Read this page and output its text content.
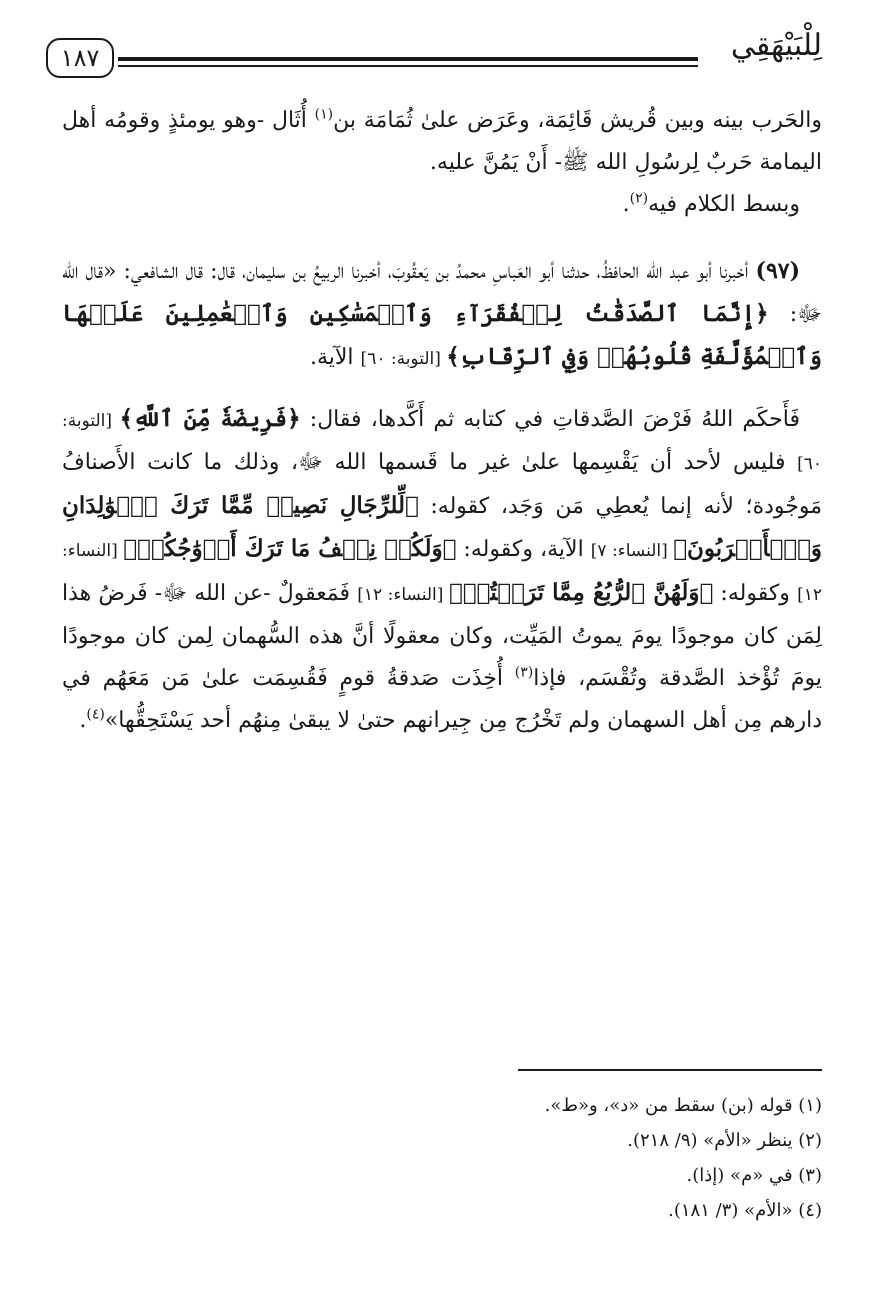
١٨٧	لِلْبَيْهَقِي

والحَرب بينه وبين قُريش قَائِمَة، وعَرَض علىٰ ثُمَامَة بن$^{(١)}$ أُثَال -وهو يومئذٍ وقومُه أهل اليمامة حَربٌ لِرسُولِ الله ﷺ- أَنْ يَمُنَّ عليه.

وبسط الكلام فيه$^{(٢)}$.

(٩٧) أخبرنا أبو عبد الله الحافظُ، حدثنا أبو العَباسِ محمدُ بن يَعقُوبَ، أخبرنا الربيعُ بن سليمان، قال: قال الشافعي: «قال الله ﷻ: ﴿إِنَّمَا ٱلصَّدَقَٰتُ لِلۡفُقَرَآءِ وَٱلۡمَسَٰكِينِ وَٱلۡعَٰمِلِينَ عَلَيۡهَا وَٱلۡمُؤَلَّفَةِ قُلُوبُهُمۡ وَفِي ٱلرِّقَابِ﴾ [التوبة: ٦٠] الآية.

فَأَحكَم اللهُ فَرْضَ الصَّدقاتِ في كتابه ثم أَكَّدها، فقال: ﴿فَرِيضَةٗ مِّنَ ٱللَّهِ﴾ [التوبة: ٦٠] فليس لأحد أن يَقْسِمها علىٰ غير ما قَسمها الله ﷻ، وذلك ما كانت الأَصنافُ مَوجُودة؛ لأنه إنما يُعطِي مَن وَجَد، كقوله: ﴿لِّلرِّجَالِ نَصِيبٞ مِّمَّا تَرَكَ ٱلۡوَٰلِدَانِ وَٱلۡأَقۡرَبُونَ﴾ [النساء: ٧] الآية، وكقوله: ﴿وَلَكُمۡ نِصۡفُ مَا تَرَكَ أَزۡوَٰجُكُمۡ﴾ [النساء: ١٢] وكقوله: ﴿وَلَهُنَّ ٱلرُّبُعُ مِمَّا تَرَكۡتُمۡ﴾ [النساء: ١٢] فَمَعقولٌ -عن الله ﷻ- فَرضُ هذا لِمَن كان موجودًا يومَ يموتُ المَيِّت، وكان معقولًا أنَّ هذه السُّهمان لِمن كان موجودًا يومَ تُؤْخذ الصَّدقة وتُقْسَم، فإذا$^{(٣)}$ أُخِذَت صَدقةُ قومٍ فَقُسِمَت علىٰ مَن مَعَهُم في دارهم مِن أهل السهمان ولم تَخْرُج مِن جِيرانهم حتىٰ لا يبقىٰ مِنهُم أحد يَسْتَحِقُّها»$^{(٤)}$.

(١) قوله (بن) سقط من «د»، و«ط».
(٢) ينظر «الأم» (٩/ ٢١٨).
(٣) في «م» (إذا).
(٤) «الأم» (٣/ ١٨١).
